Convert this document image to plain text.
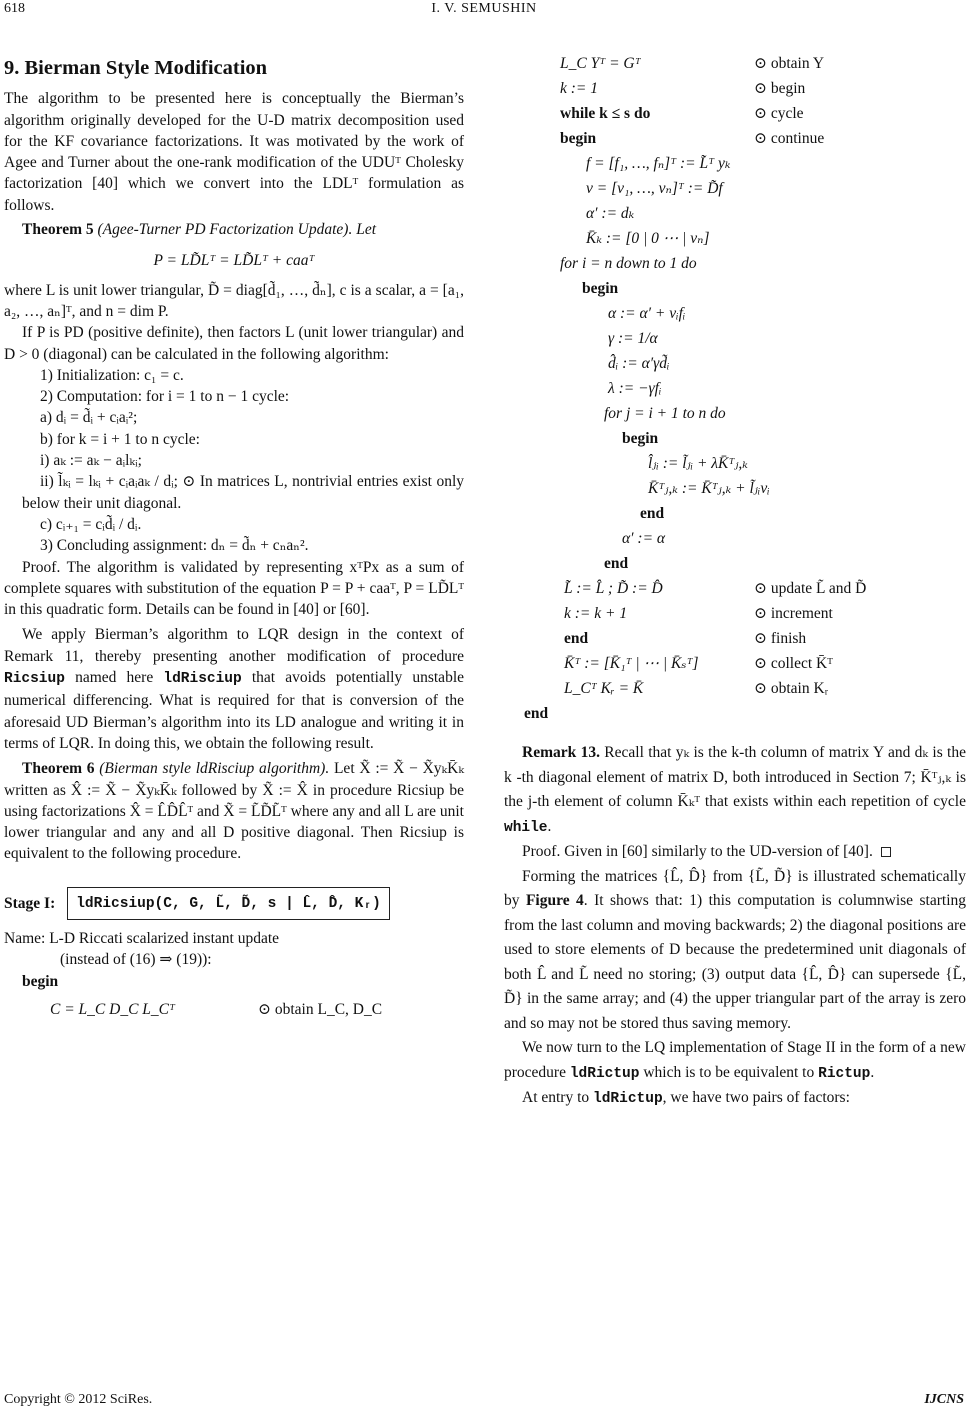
618	I. V. SEMUSHIN
9. Bierman Style Modification

The algorithm to be presented here is conceptually the Bierman’s algorithm originally developed for the U-D matrix decomposition used for the KF covariance factorizations. It was motivated by the work of Agee and Turner about the one-rank modification of the UDUᵀ Cholesky factorization [40] which we convert into the LDLᵀ formulation as follows.

Theorem 5 (Agee-Turner PD Factorization Update). Let

P = LD̃Lᵀ = LD̃Lᵀ + caaᵀ

where L is unit lower triangular, D̃ = diag[d̃₁, …, d̃ₙ], c is a scalar, a = [a₁, a₂, …, aₙ]ᵀ, and n = dim P.

If P is PD (positive definite), then factors L (unit lower triangular) and D > 0 (diagonal) can be calculated in the following algorithm:

1) Initialization: c₁ = c.

2) Computation: for i = 1 to n − 1 cycle:

a) dᵢ = d̃ᵢ + cᵢaᵢ²;

b) for k = i + 1 to n cycle:

i) aₖ := aₖ − aᵢlₖᵢ;

ii) l̃ₖᵢ = lₖᵢ + cᵢaᵢaₖ / dᵢ; ⊙ In matrices L, nontrivial entries exist only below their unit diagonal.

c) cᵢ₊₁ = cᵢd̃ᵢ / dᵢ.

3) Concluding assignment: dₙ = d̃ₙ + cₙaₙ².

Proof. The algorithm is validated by representing xᵀPx as a sum of complete squares with substitution of the equation P = P + caaᵀ, P = LD̃Lᵀ in this quadratic form. Details can be found in [40] or [60].

We apply Bierman’s algorithm to LQR design in the context of Remark 11, thereby presenting another modification of procedure Ricsiup named here ldRisciup that avoids potentially unstable numerical differencing. What is required for that is conversion of the aforesaid UD Bierman’s algorithm into its LD analogue and writing it in terms of LQR. In doing this, we obtain the following result.

Theorem 6 (Bierman style ldRisciup algorithm). Let X̃ := X̃ − X̃yₖK̄ₖ written as X̂ := X̃ − X̃yₖK̄ₖ followed by X̃ := X̂ in procedure Ricsiup be using factorizations X̂ = L̂D̂L̂ᵀ and X̃ = L̃D̃L̃ᵀ where any and all L are unit lower triangular and any and all D positive diagonal. Then Ricsiup is equivalent to the following procedure.

Stage I:	ldRicsiup(C, G, L̃, D̃, s | L̂, D̂, Kᵣ)

Name: L-D Riccati scalarized instant update

(instead of (16) ⇒ (19)):

begin

C = L_C D_C L_Cᵀ	⊙ obtain L_C, D_C
L_C Yᵀ = Gᵀ	⊙ obtain Y
k := 1	⊙ begin
while k ≤ s do	⊙ cycle
begin	⊙ continue
f = [f₁, …, fₙ]ᵀ := L̃ᵀ yₖ
v = [v₁, …, vₙ]ᵀ := D̃f
α′ := dₖ
K̄ₖ := [0 | 0 ⋯ | vₙ]
for i = n down to 1 do
begin
α := α′ + vᵢfᵢ
γ := 1/α
d̂ᵢ := α′γd̃ᵢ
λ := −γfᵢ
for j = i + 1 to n do
begin
l̂ⱼᵢ := l̃ⱼᵢ + λK̄ᵀⱼ,ₖ
K̄ᵀⱼ,ₖ := K̄ᵀⱼ,ₖ + l̃ⱼᵢvᵢ
end
α′ := α
end
L̃ := L̂ ; D̃ := D̂	⊙ update L̃ and D̃
k := k + 1	⊙ increment
end	⊙ finish
K̄ᵀ := [K̄₁ᵀ | ⋯ | K̄ₛᵀ]	⊙ collect K̄ᵀ
L_Cᵀ Kᵣ = K̄	⊙ obtain Kᵣ
end

Remark 13. Recall that yₖ is the k-th column of matrix Y and dₖ is the k -th diagonal element of matrix D, both introduced in Section 7; K̄ᵀⱼ,ₖ is the j-th element of column K̄ₖᵀ that exists within each repetition of cycle while.

Proof. Given in [60] similarly to the UD-version of [40].

Forming the matrices {L̂, D̂} from {L̃, D̃} is illustrated schematically by Figure 4. It shows that: 1) this computation is columnwise starting from the last column and moving backwards; 2) the diagonal positions are used to store elements of D because the predetermined unit diagonals of both L̂ and L̃ need no storing; (3) output data {L̂, D̂} can supersede {L̃, D̃} in the same array; and (4) the upper triangular part of the array is zero and so may not be stored thus saving memory.

We now turn to the LQ implementation of Stage II in the form of a new procedure ldRictup which is to be equivalent to Rictup.

At entry to ldRictup, we have two pairs of factors:

Copyright © 2012 SciRes.	IJCNS
